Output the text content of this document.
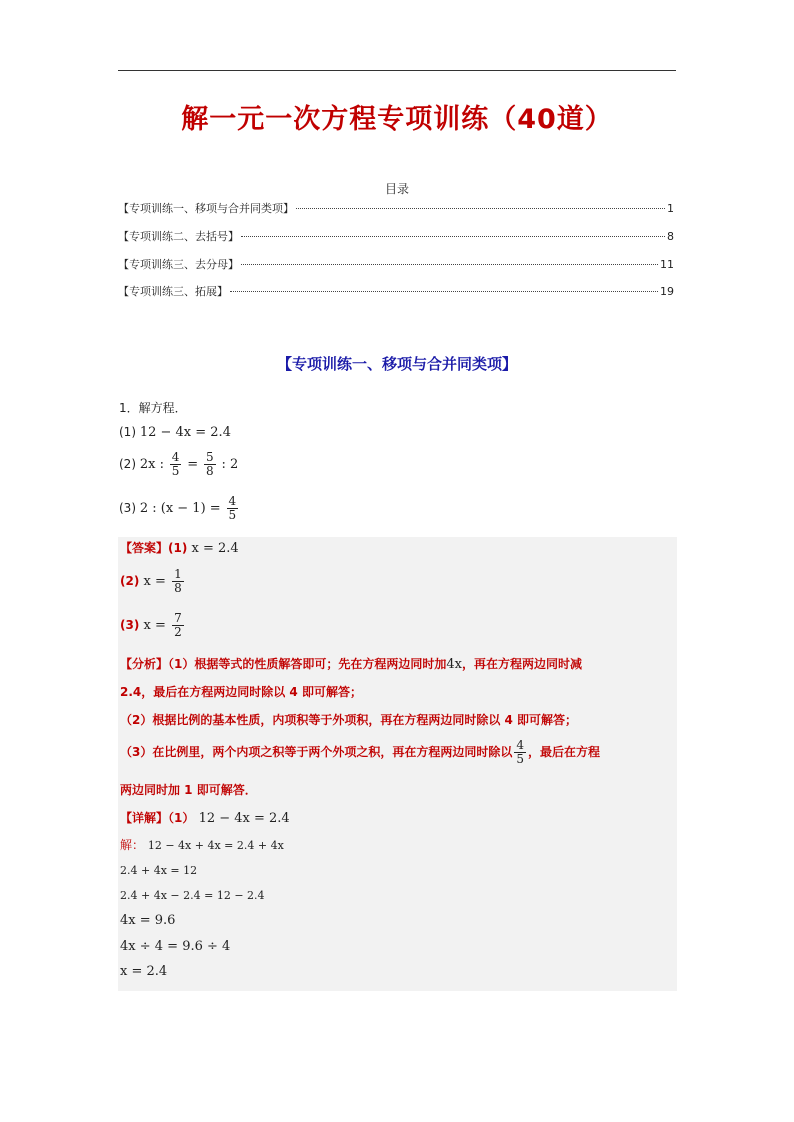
解一元一次方程专项训练（40道）
目录
【专项训练一、移项与合并同类项】	1
【专项训练二、去括号】	8
【专项训练三、去分母】	11
【专项训练三、拓展】	19
【专项训练一、移项与合并同类项】
1．解方程．
(1) 12 − 4x = 2.4
(2) 2x : $\frac{4}{5} = \frac{5}{8}$ : 2
(3) 2 : $(x - 1) = \frac{4}{5}$
【答案】(1) x = 2.4
(2) $x = \frac{1}{8}$
(3) $x = \frac{7}{2}$
【分析】（1）根据等式的性质解答即可；先在方程两边同时加4x，再在方程两边同时减
2.4，最后在方程两边同时除以 4 即可解答；
（2）根据比例的基本性质，内项积等于外项积，再在方程两边同时除以 4 即可解答；
（3）在比例里，两个内项之积等于两个外项之积，再在方程两边同时除以 $\frac{4}{5}$ ，最后在方程
两边同时加 1 即可解答．
【详解】（1） 12 − 4x = 2.4
解： 12 − 4x + 4x = 2.4 + 4x
2.4 + 4x = 12
2.4 + 4x − 2.4 = 12 − 2.4
4x = 9.6
4x ÷ 4 = 9.6 ÷ 4
x = 2.4
